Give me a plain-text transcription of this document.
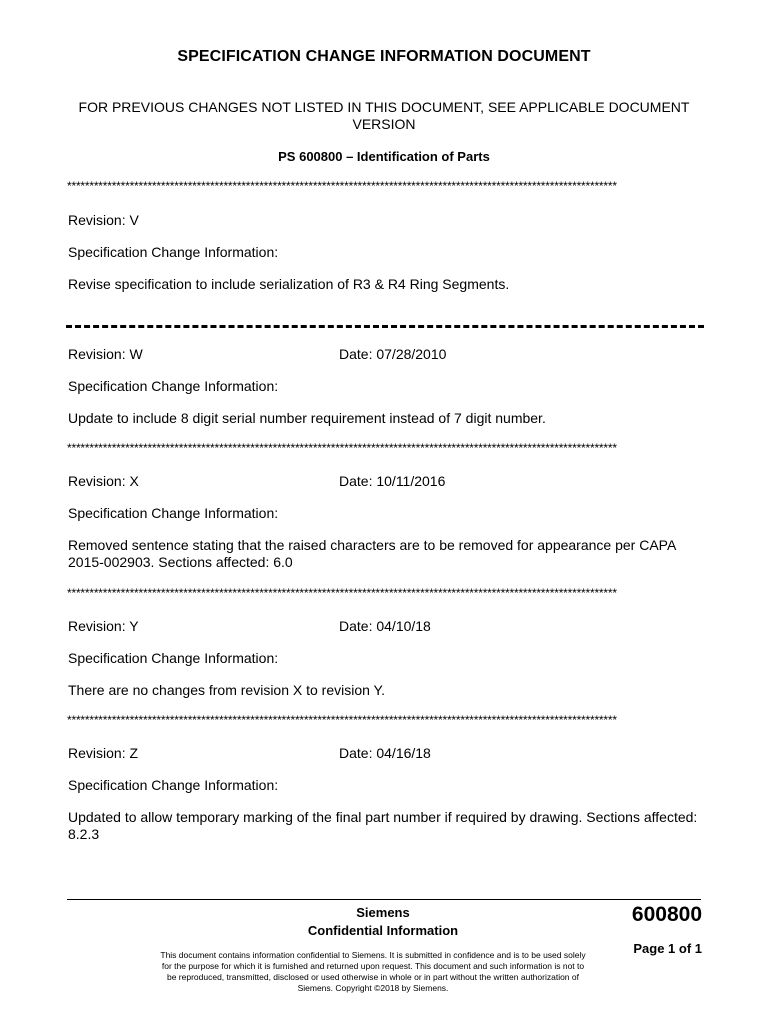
SPECIFICATION CHANGE INFORMATION DOCUMENT
FOR PREVIOUS CHANGES NOT LISTED IN THIS DOCUMENT, SEE APPLICABLE DOCUMENT VERSION
PS 600800 – Identification of Parts
***************************************************************************************************************************
Revision: V
Specification Change Information:
Revise specification to include serialization of R3 & R4 Ring Segments.
Revision: W	Date: 07/28/2010
Specification Change Information:
Update to include 8 digit serial number requirement instead of 7 digit number.
***************************************************************************************************************************
Revision: X	Date: 10/11/2016
Specification Change Information:
Removed sentence stating that the raised characters are to be removed for appearance per CAPA 2015-002903. Sections affected: 6.0
***************************************************************************************************************************
Revision: Y	Date: 04/10/18
Specification Change Information:
There are no changes from revision X to revision Y.
***************************************************************************************************************************
Revision: Z	Date: 04/16/18
Specification Change Information:
Updated to allow temporary marking of the final part number if required by drawing. Sections affected: 8.2.3
Siemens
Confidential Information
This document contains information confidential to Siemens. It is submitted in confidence and is to be used solely for the purpose for which it is furnished and returned upon request. This document and such information is not to be reproduced, transmitted, disclosed or used otherwise in whole or in part without the written authorization of Siemens. Copyright ©2018 by Siemens.
600800
Page 1 of 1
